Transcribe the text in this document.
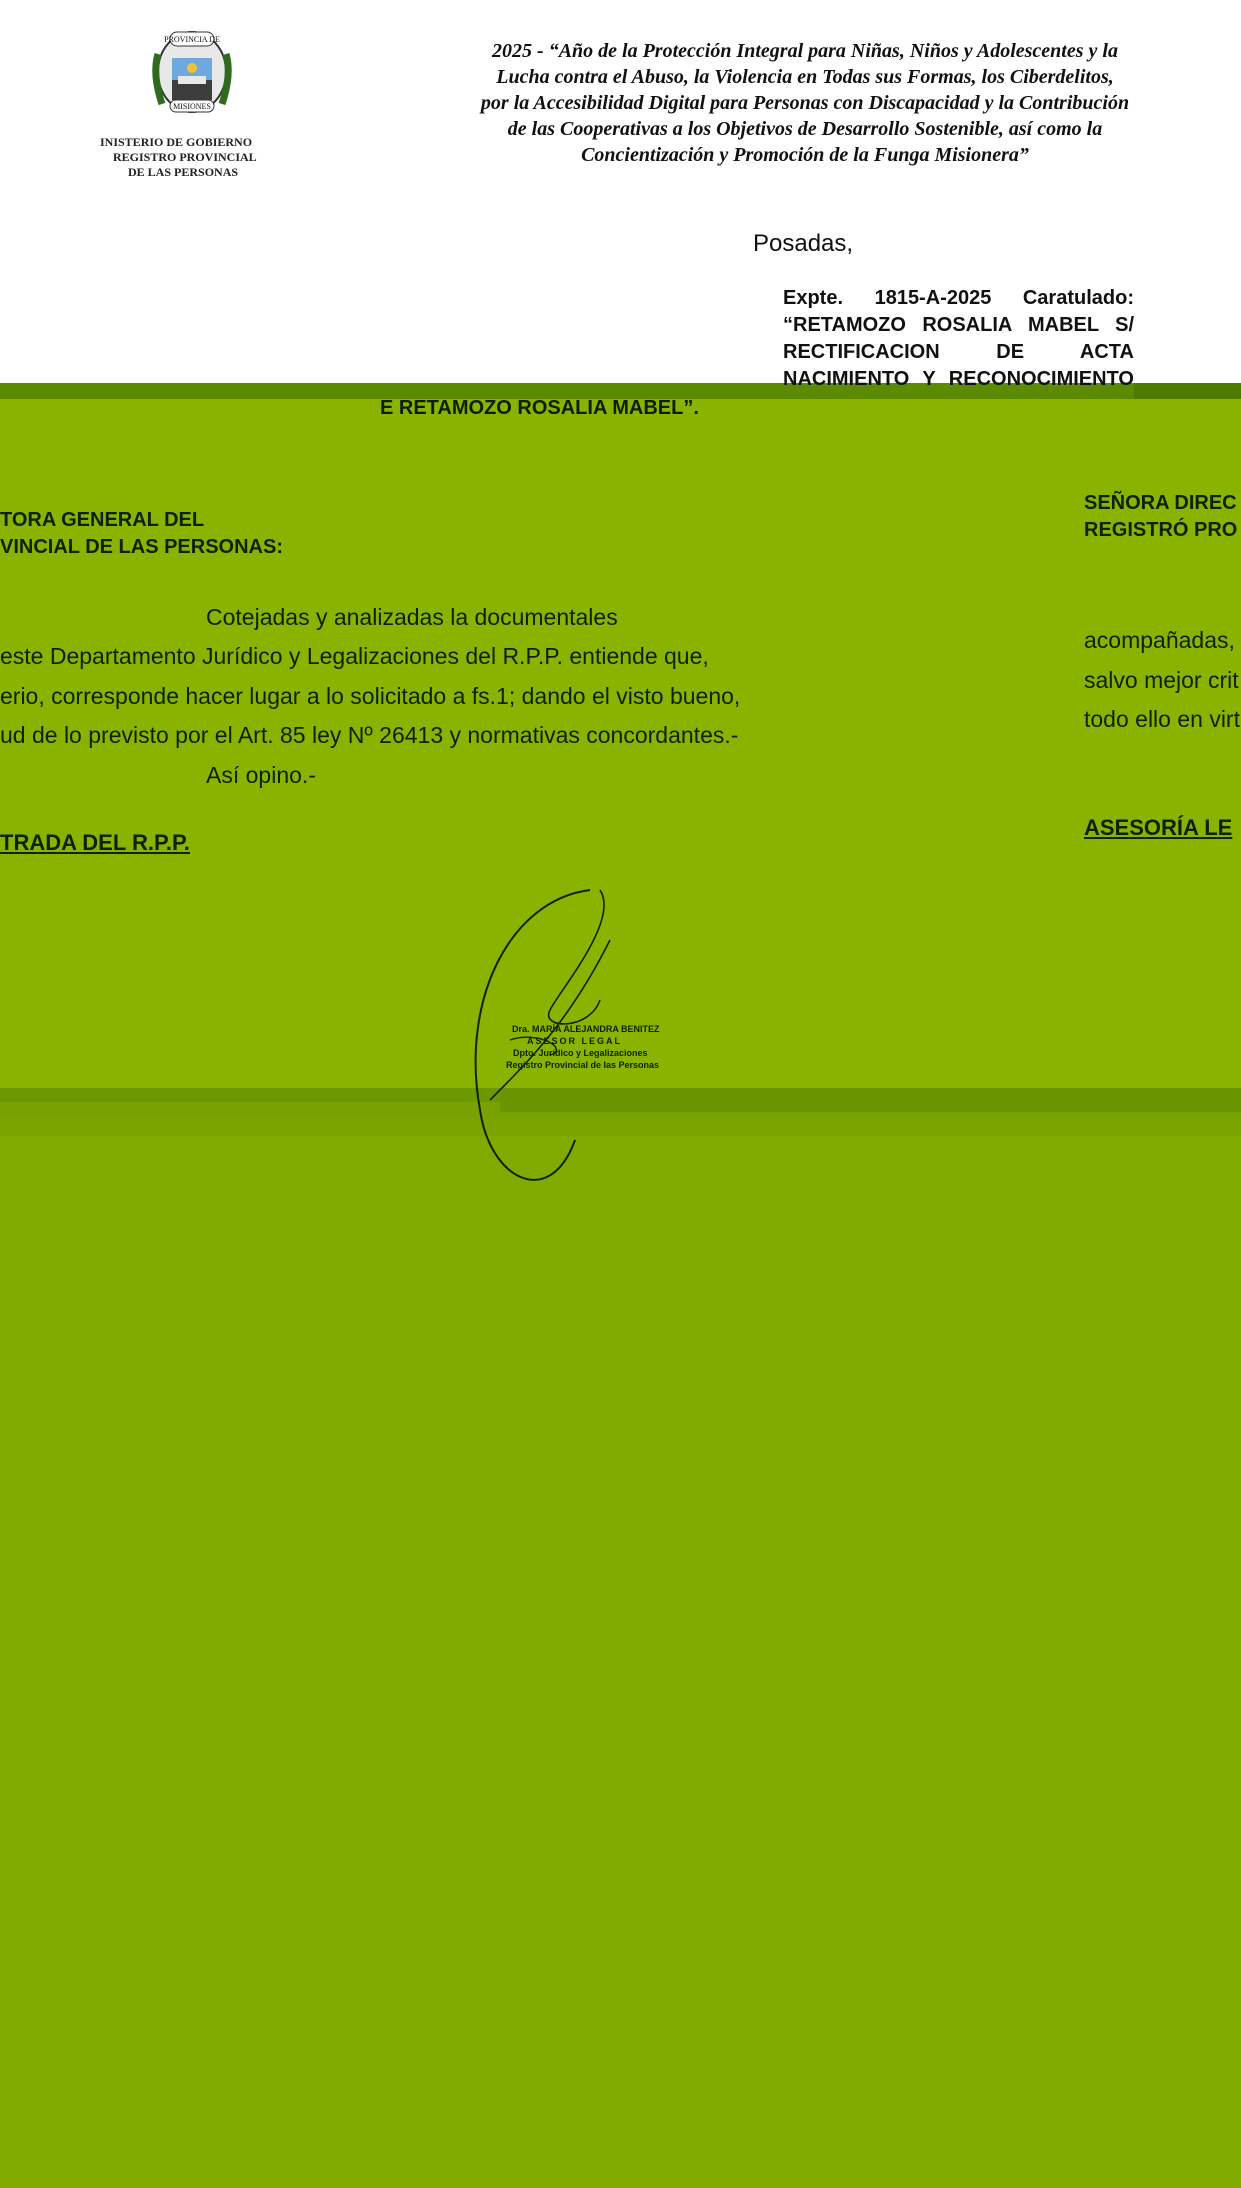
PROVINCIA DE
MISIONES
INISTERIO DE GOBIERNO
REGISTRO PROVINCIAL
DE LAS PERSONAS
2025 - “Año de la Protección Integral para Niñas, Niños y Adolescentes y la
Lucha contra el Abuso, la Violencia en Todas sus Formas, los Ciberdelitos,
por la Accesibilidad Digital para Personas con Discapacidad y la Contribución
de las Cooperativas a los Objetivos de Desarrollo Sostenible, así como la
Concientización y Promoción de la Funga Misionera”
Posadas,
Expte. 1815-A-2025 Caratulado:
“RETAMOZO ROSALIA MABEL S/
RECTIFICACION DE ACTA
NACIMIENTO Y RECONOCIMIENTO
E RETAMOZO ROSALIA MABEL”.
SEÑORA DIREC
REGISTRÓ PRO
TORA GENERAL DEL
VINCIAL DE LAS PERSONAS:
Cotejadas y analizadas la documentales
este Departamento Jurídico y Legalizaciones del R.P.P. entiende que,
erio, corresponde hacer lugar a lo solicitado a fs.1; dando el visto bueno,
ud de lo previsto por el Art. 85 ley Nº 26413 y normativas concordantes.-
Así opino.-
acompañadas,
salvo mejor crit
todo ello en virt
TRADA DEL R.P.P.
ASESORÍA LE
Dra. MARÍA ALEJANDRA BENITEZ
ASESOR LEGAL
Dpto. Jurídico y Legalizaciones
Registro Provincial de las Personas
